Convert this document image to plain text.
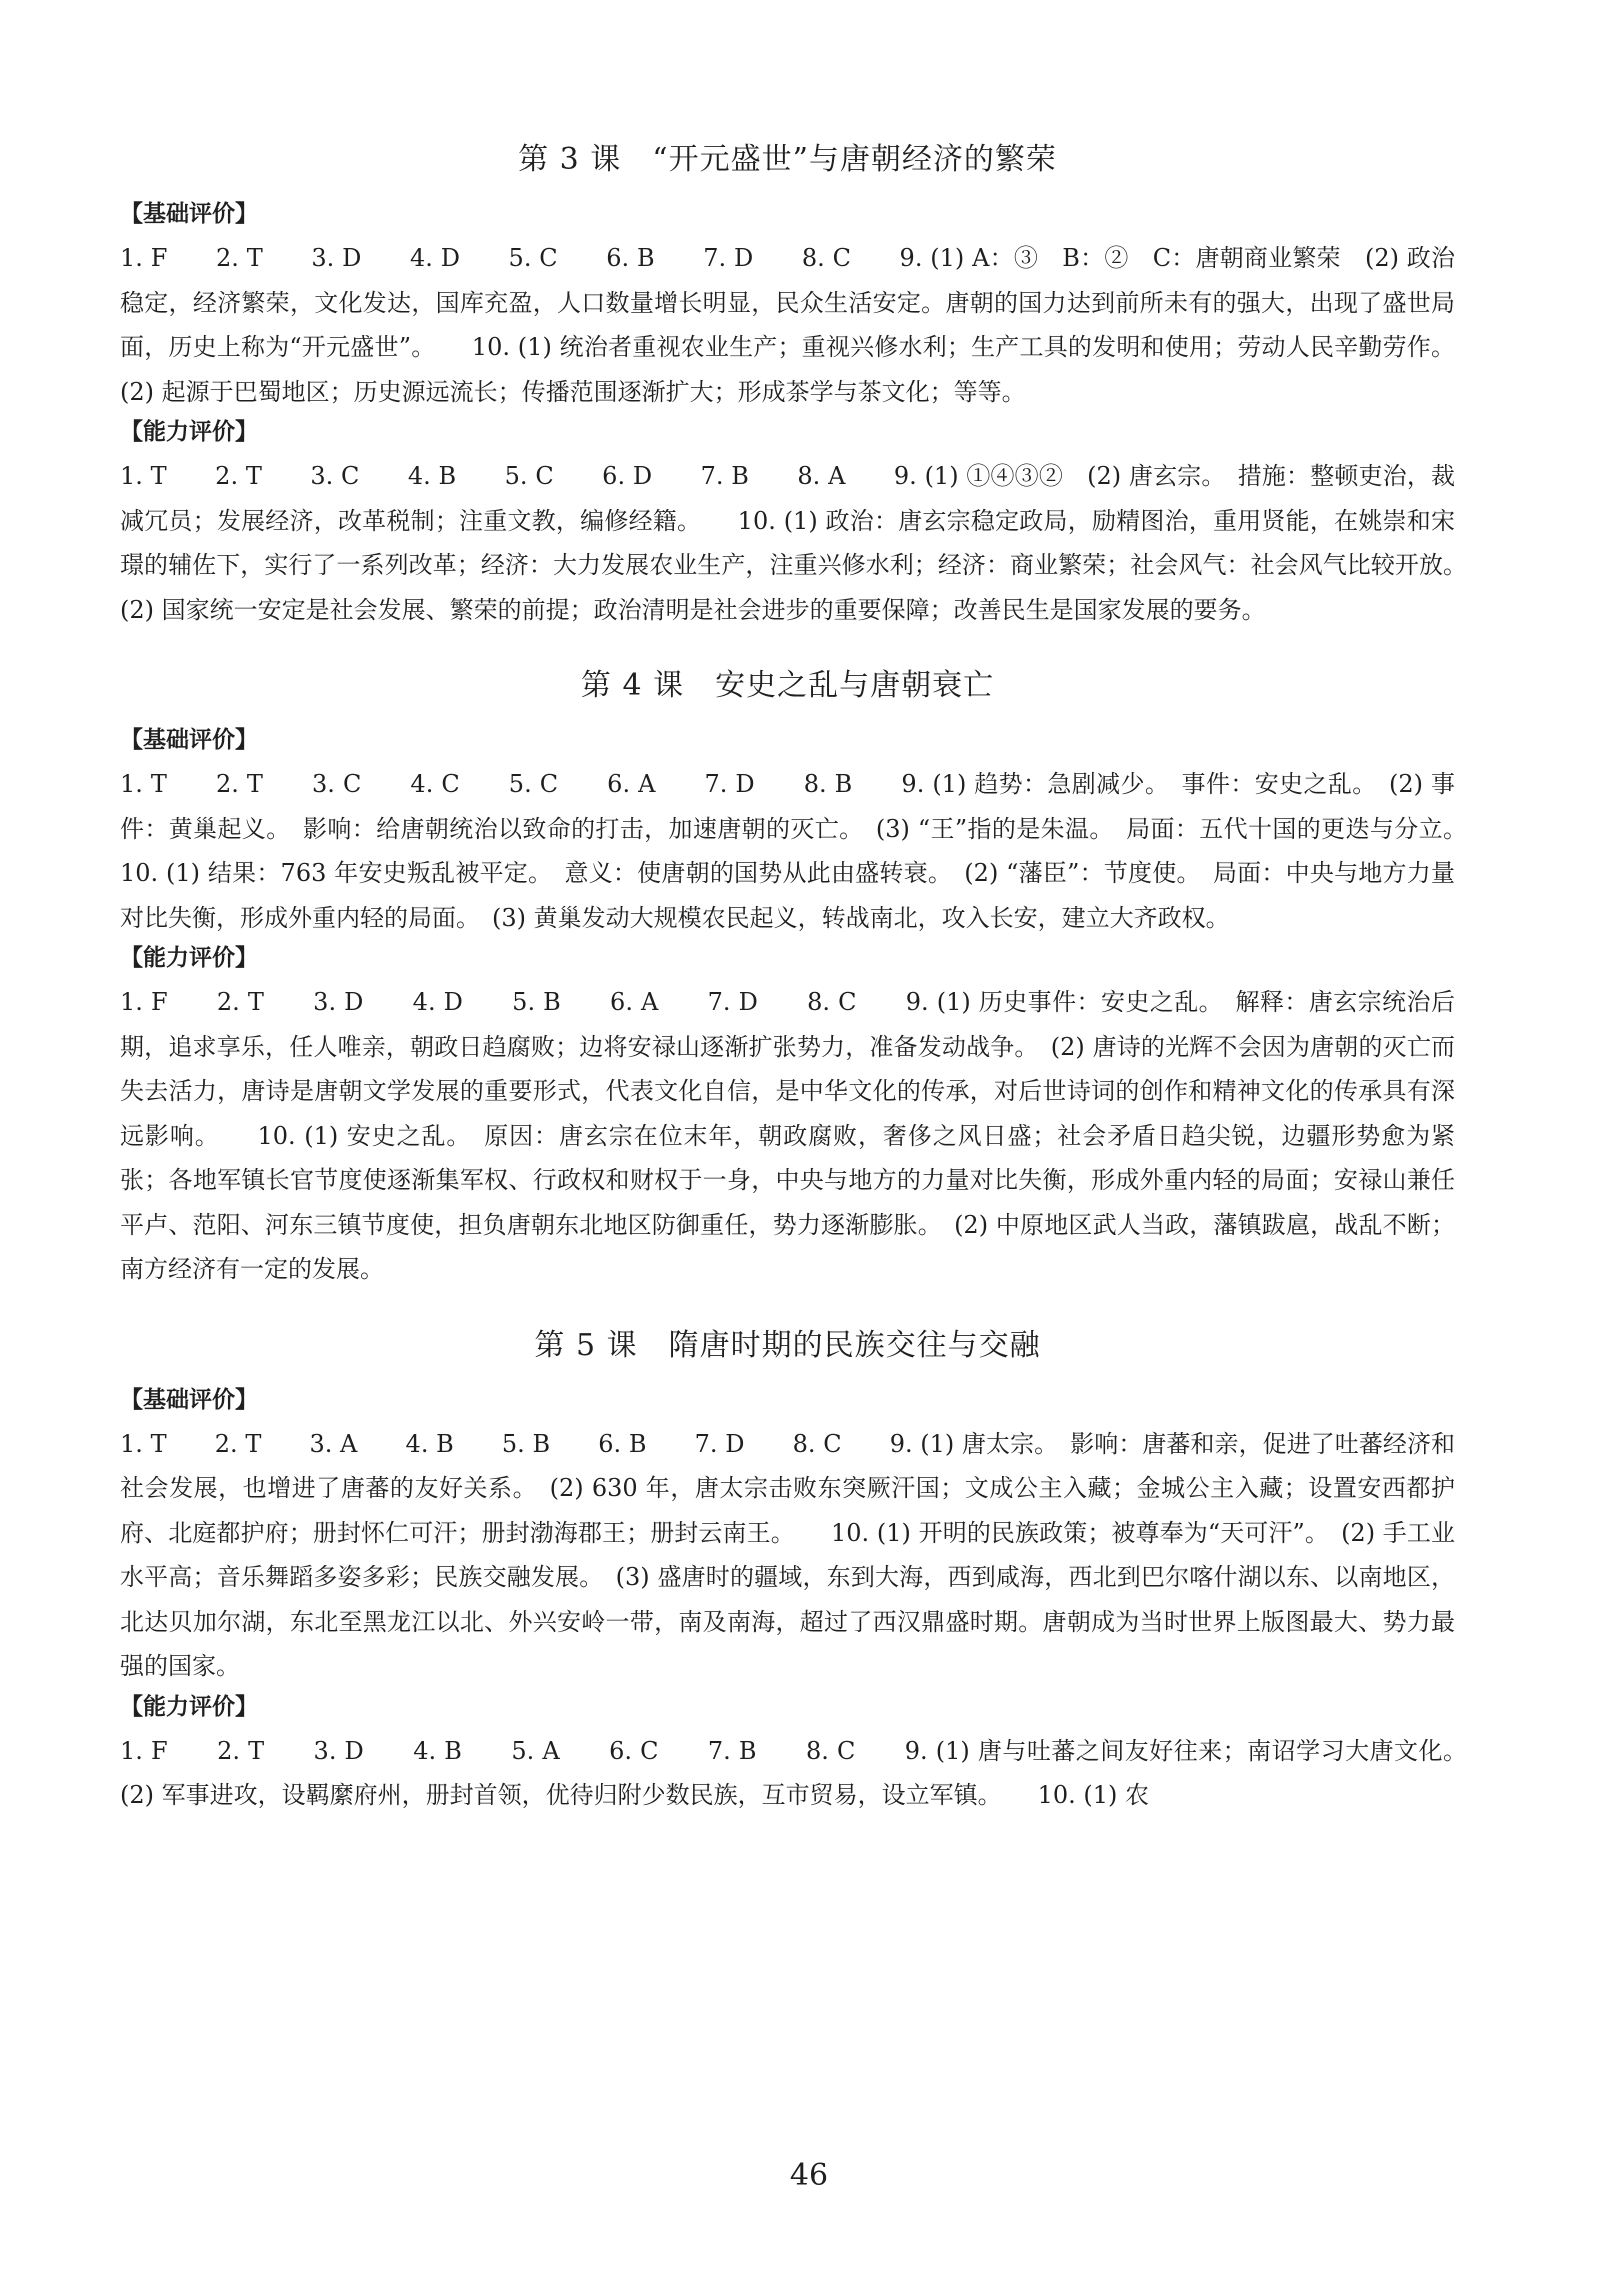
第 3 课　“开元盛世”与唐朝经济的繁荣
【基础评价】

1. F　　2. T　　3. D　　4. D　　5. C　　6. B　　7. D　　8. C　　9. (1) A：③　B：②　C：唐朝商业繁荣　(2) 政治稳定，经济繁荣，文化发达，国库充盈，人口数量增长明显，民众生活安定。唐朝的国力达到前所未有的强大，出现了盛世局面，历史上称为“开元盛世”。　　10. (1) 统治者重视农业生产；重视兴修水利；生产工具的发明和使用；劳动人民辛勤劳作。(2) 起源于巴蜀地区；历史源远流长；传播范围逐渐扩大；形成茶学与茶文化；等等。

【能力评价】

1. T　　2. T　　3. C　　4. B　　5. C　　6. D　　7. B　　8. A　　9. (1) ①④③②　(2) 唐玄宗。　措施：整顿吏治，裁减冗员；发展经济，改革税制；注重文教，编修经籍。　　10. (1) 政治：唐玄宗稳定政局，励精图治，重用贤能，在姚崇和宋璟的辅佐下，实行了一系列改革；经济：大力发展农业生产，注重兴修水利；经济：商业繁荣；社会风气：社会风气比较开放。　(2) 国家统一安定是社会发展、繁荣的前提；政治清明是社会进步的重要保障；改善民生是国家发展的要务。

第 4 课　安史之乱与唐朝衰亡
【基础评价】

1. T　　2. T　　3. C　　4. C　　5. C　　6. A　　7. D　　8. B　　9. (1) 趋势：急剧减少。　事件：安史之乱。　(2) 事件：黄巢起义。　影响：给唐朝统治以致命的打击，加速唐朝的灭亡。　(3) “王”指的是朱温。　局面：五代十国的更迭与分立。　　10. (1) 结果：763 年安史叛乱被平定。　意义：使唐朝的国势从此由盛转衰。　(2) “藩臣”：节度使。　局面：中央与地方力量对比失衡，形成外重内轻的局面。　(3) 黄巢发动大规模农民起义，转战南北，攻入长安，建立大齐政权。

【能力评价】

1. F　　2. T　　3. D　　4. D　　5. B　　6. A　　7. D　　8. C　　9. (1) 历史事件：安史之乱。　解释：唐玄宗统治后期，追求享乐，任人唯亲，朝政日趋腐败；边将安禄山逐渐扩张势力，准备发动战争。　(2) 唐诗的光辉不会因为唐朝的灭亡而失去活力，唐诗是唐朝文学发展的重要形式，代表文化自信，是中华文化的传承，对后世诗词的创作和精神文化的传承具有深远影响。　　10. (1) 安史之乱。　原因：唐玄宗在位末年，朝政腐败，奢侈之风日盛；社会矛盾日趋尖锐，边疆形势愈为紧张；各地军镇长官节度使逐渐集军权、行政权和财权于一身，中央与地方的力量对比失衡，形成外重内轻的局面；安禄山兼任平卢、范阳、河东三镇节度使，担负唐朝东北地区防御重任，势力逐渐膨胀。　(2) 中原地区武人当政，藩镇跋扈，战乱不断；南方经济有一定的发展。

第 5 课　隋唐时期的民族交往与交融
【基础评价】

1. T　　2. T　　3. A　　4. B　　5. B　　6. B　　7. D　　8. C　　9. (1) 唐太宗。　影响：唐蕃和亲，促进了吐蕃经济和社会发展，也增进了唐蕃的友好关系。　(2) 630 年，唐太宗击败东突厥汗国；文成公主入藏；金城公主入藏；设置安西都护府、北庭都护府；册封怀仁可汗；册封渤海郡王；册封云南王。　　10. (1) 开明的民族政策；被尊奉为“天可汗”。　(2) 手工业水平高；音乐舞蹈多姿多彩；民族交融发展。　(3) 盛唐时的疆域，东到大海，西到咸海，西北到巴尔喀什湖以东、以南地区，北达贝加尔湖，东北至黑龙江以北、外兴安岭一带，南及南海，超过了西汉鼎盛时期。唐朝成为当时世界上版图最大、势力最强的国家。

【能力评价】

1. F　　2. T　　3. D　　4. B　　5. A　　6. C　　7. B　　8. C　　9. (1) 唐与吐蕃之间友好往来；南诏学习大唐文化。　(2) 军事进攻，设羁縻府州，册封首领，优待归附少数民族，互市贸易，设立军镇。　　10. (1) 农

46
